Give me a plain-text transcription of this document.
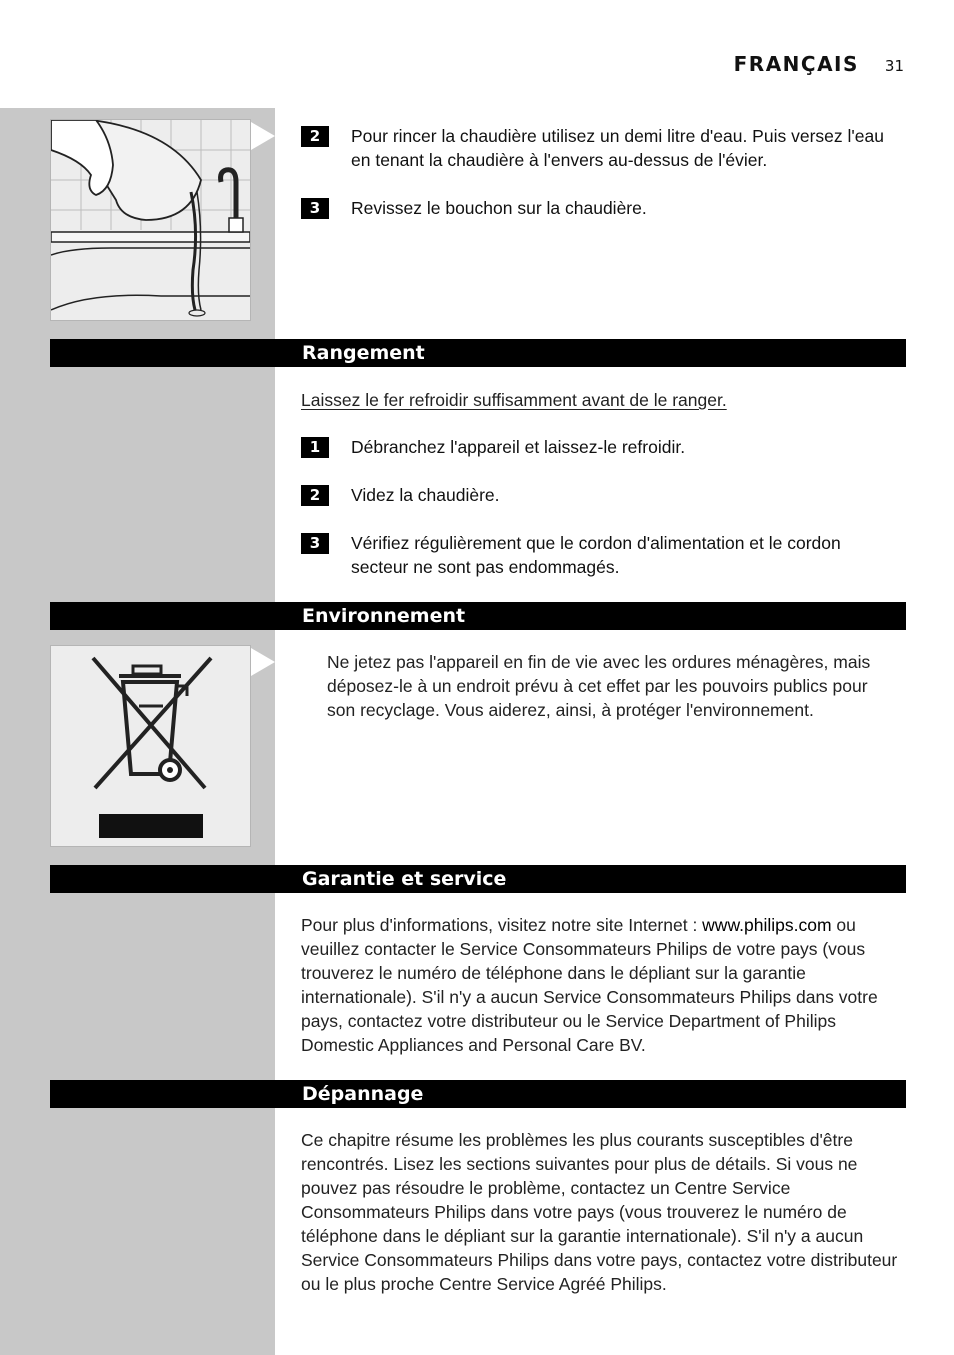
FRANÇAIS 31
2	Pour rincer la chaudière utilisez un demi litre d'eau. Puis versez l'eau en tenant la chaudière à l'envers au-dessus de l'évier.
3	Revissez le bouchon sur la chaudière.
Rangement
Laissez le fer refroidir suffisamment avant de le ranger.
1	Débranchez l'appareil et laissez-le refroidir.
2	Videz la chaudière.
3	Vérifiez régulièrement que le cordon d'alimentation et le cordon secteur ne sont pas endommagés.
Environnement
Ne jetez pas l'appareil en fin de vie avec les ordures ménagères, mais déposez-le à un endroit prévu à cet effet par les pouvoirs publics pour son recyclage. Vous aiderez, ainsi, à protéger l'environnement.
Garantie et service
Pour plus d'informations, visitez notre site Internet : www.philips.com ou veuillez contacter le Service Consommateurs Philips de votre pays (vous trouverez le numéro de téléphone dans le dépliant sur la garantie internationale). S'il n'y a aucun Service Consommateurs Philips dans votre pays, contactez votre distributeur ou le Service Department of Philips Domestic Appliances and Personal Care BV.
Dépannage
Ce chapitre résume les problèmes les plus courants susceptibles d'être rencontrés. Lisez les sections suivantes pour plus de détails. Si vous ne pouvez pas résoudre le problème, contactez un Centre Service Consommateurs Philips dans votre pays (vous trouverez le numéro de téléphone dans le dépliant sur la garantie internationale). S'il n'y a aucun Service Consommateurs Philips dans votre pays, contactez votre distributeur ou le plus proche Centre Service Agréé Philips.
